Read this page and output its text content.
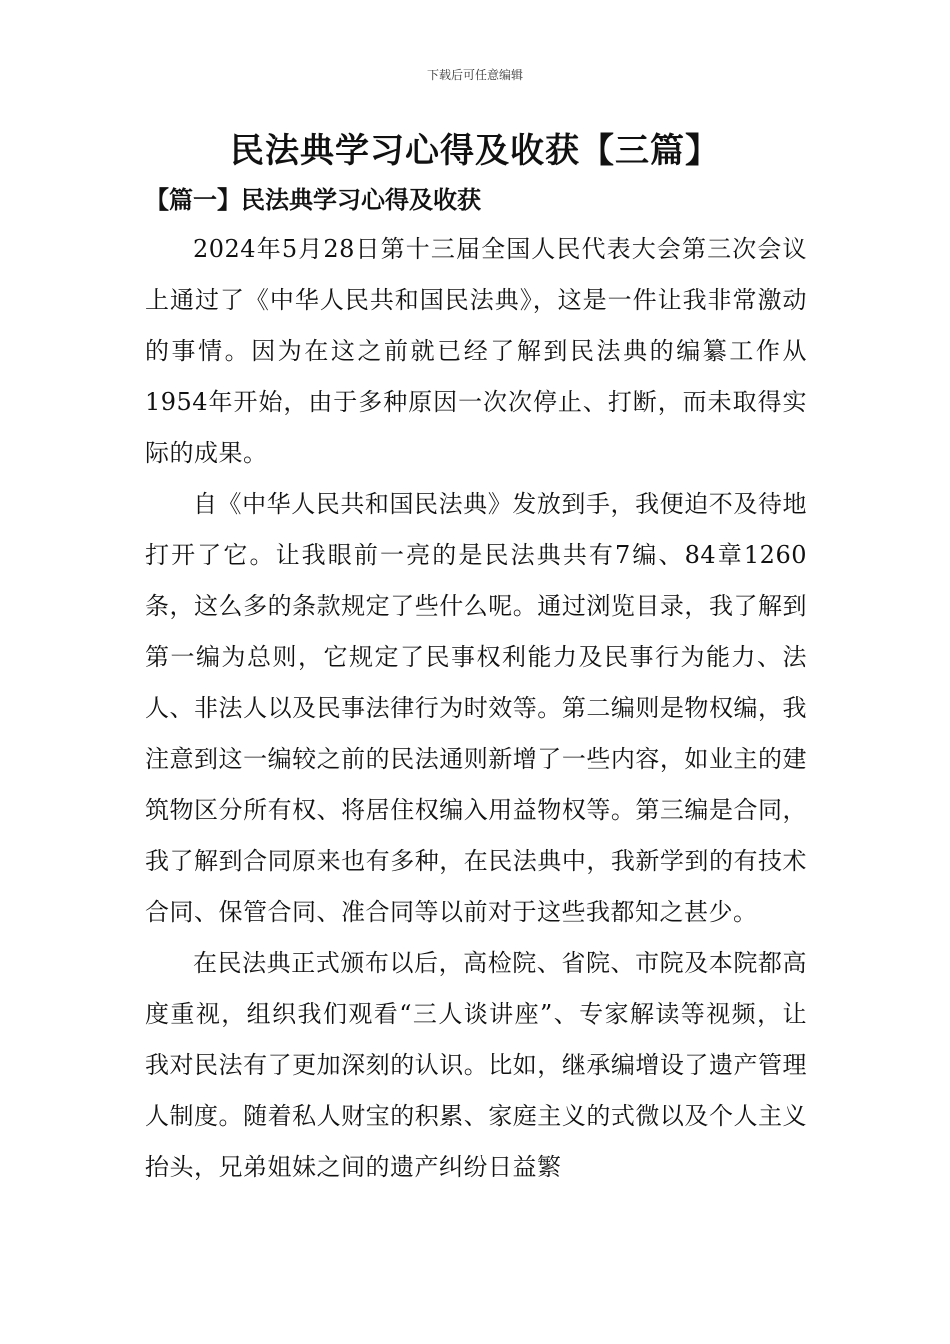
下载后可任意编辑
民法典学习心得及收获【三篇】
【篇一】民法典学习心得及收获

2024年5月28日第十三届全国人民代表大会第三次会议上通过了《中华人民共和国民法典》，这是一件让我非常激动的事情。因为在这之前就已经了解到民法典的编纂工作从1954年开始，由于多种原因一次次停止、打断，而未取得实际的成果。

自《中华人民共和国民法典》发放到手，我便迫不及待地打开了它。让我眼前一亮的是民法典共有7编、84章1260条，这么多的条款规定了些什么呢。通过浏览目录，我了解到第一编为总则，它规定了民事权利能力及民事行为能力、法人、非法人以及民事法律行为时效等。第二编则是物权编，我注意到这一编较之前的民法通则新增了一些内容，如业主的建筑物区分所有权、将居住权编入用益物权等。第三编是合同，我了解到合同原来也有多种，在民法典中，我新学到的有技术合同、保管合同、准合同等以前对于这些我都知之甚少。

在民法典正式颁布以后，高检院、省院、市院及本院都高度重视，组织我们观看“三人谈讲座”、专家解读等视频，让我对民法有了更加深刻的认识。比如，继承编增设了遗产管理人制度。随着私人财宝的积累、家庭主义的式微以及个人主义抬头，兄弟姐妹之间的遗产纠纷日益繁
